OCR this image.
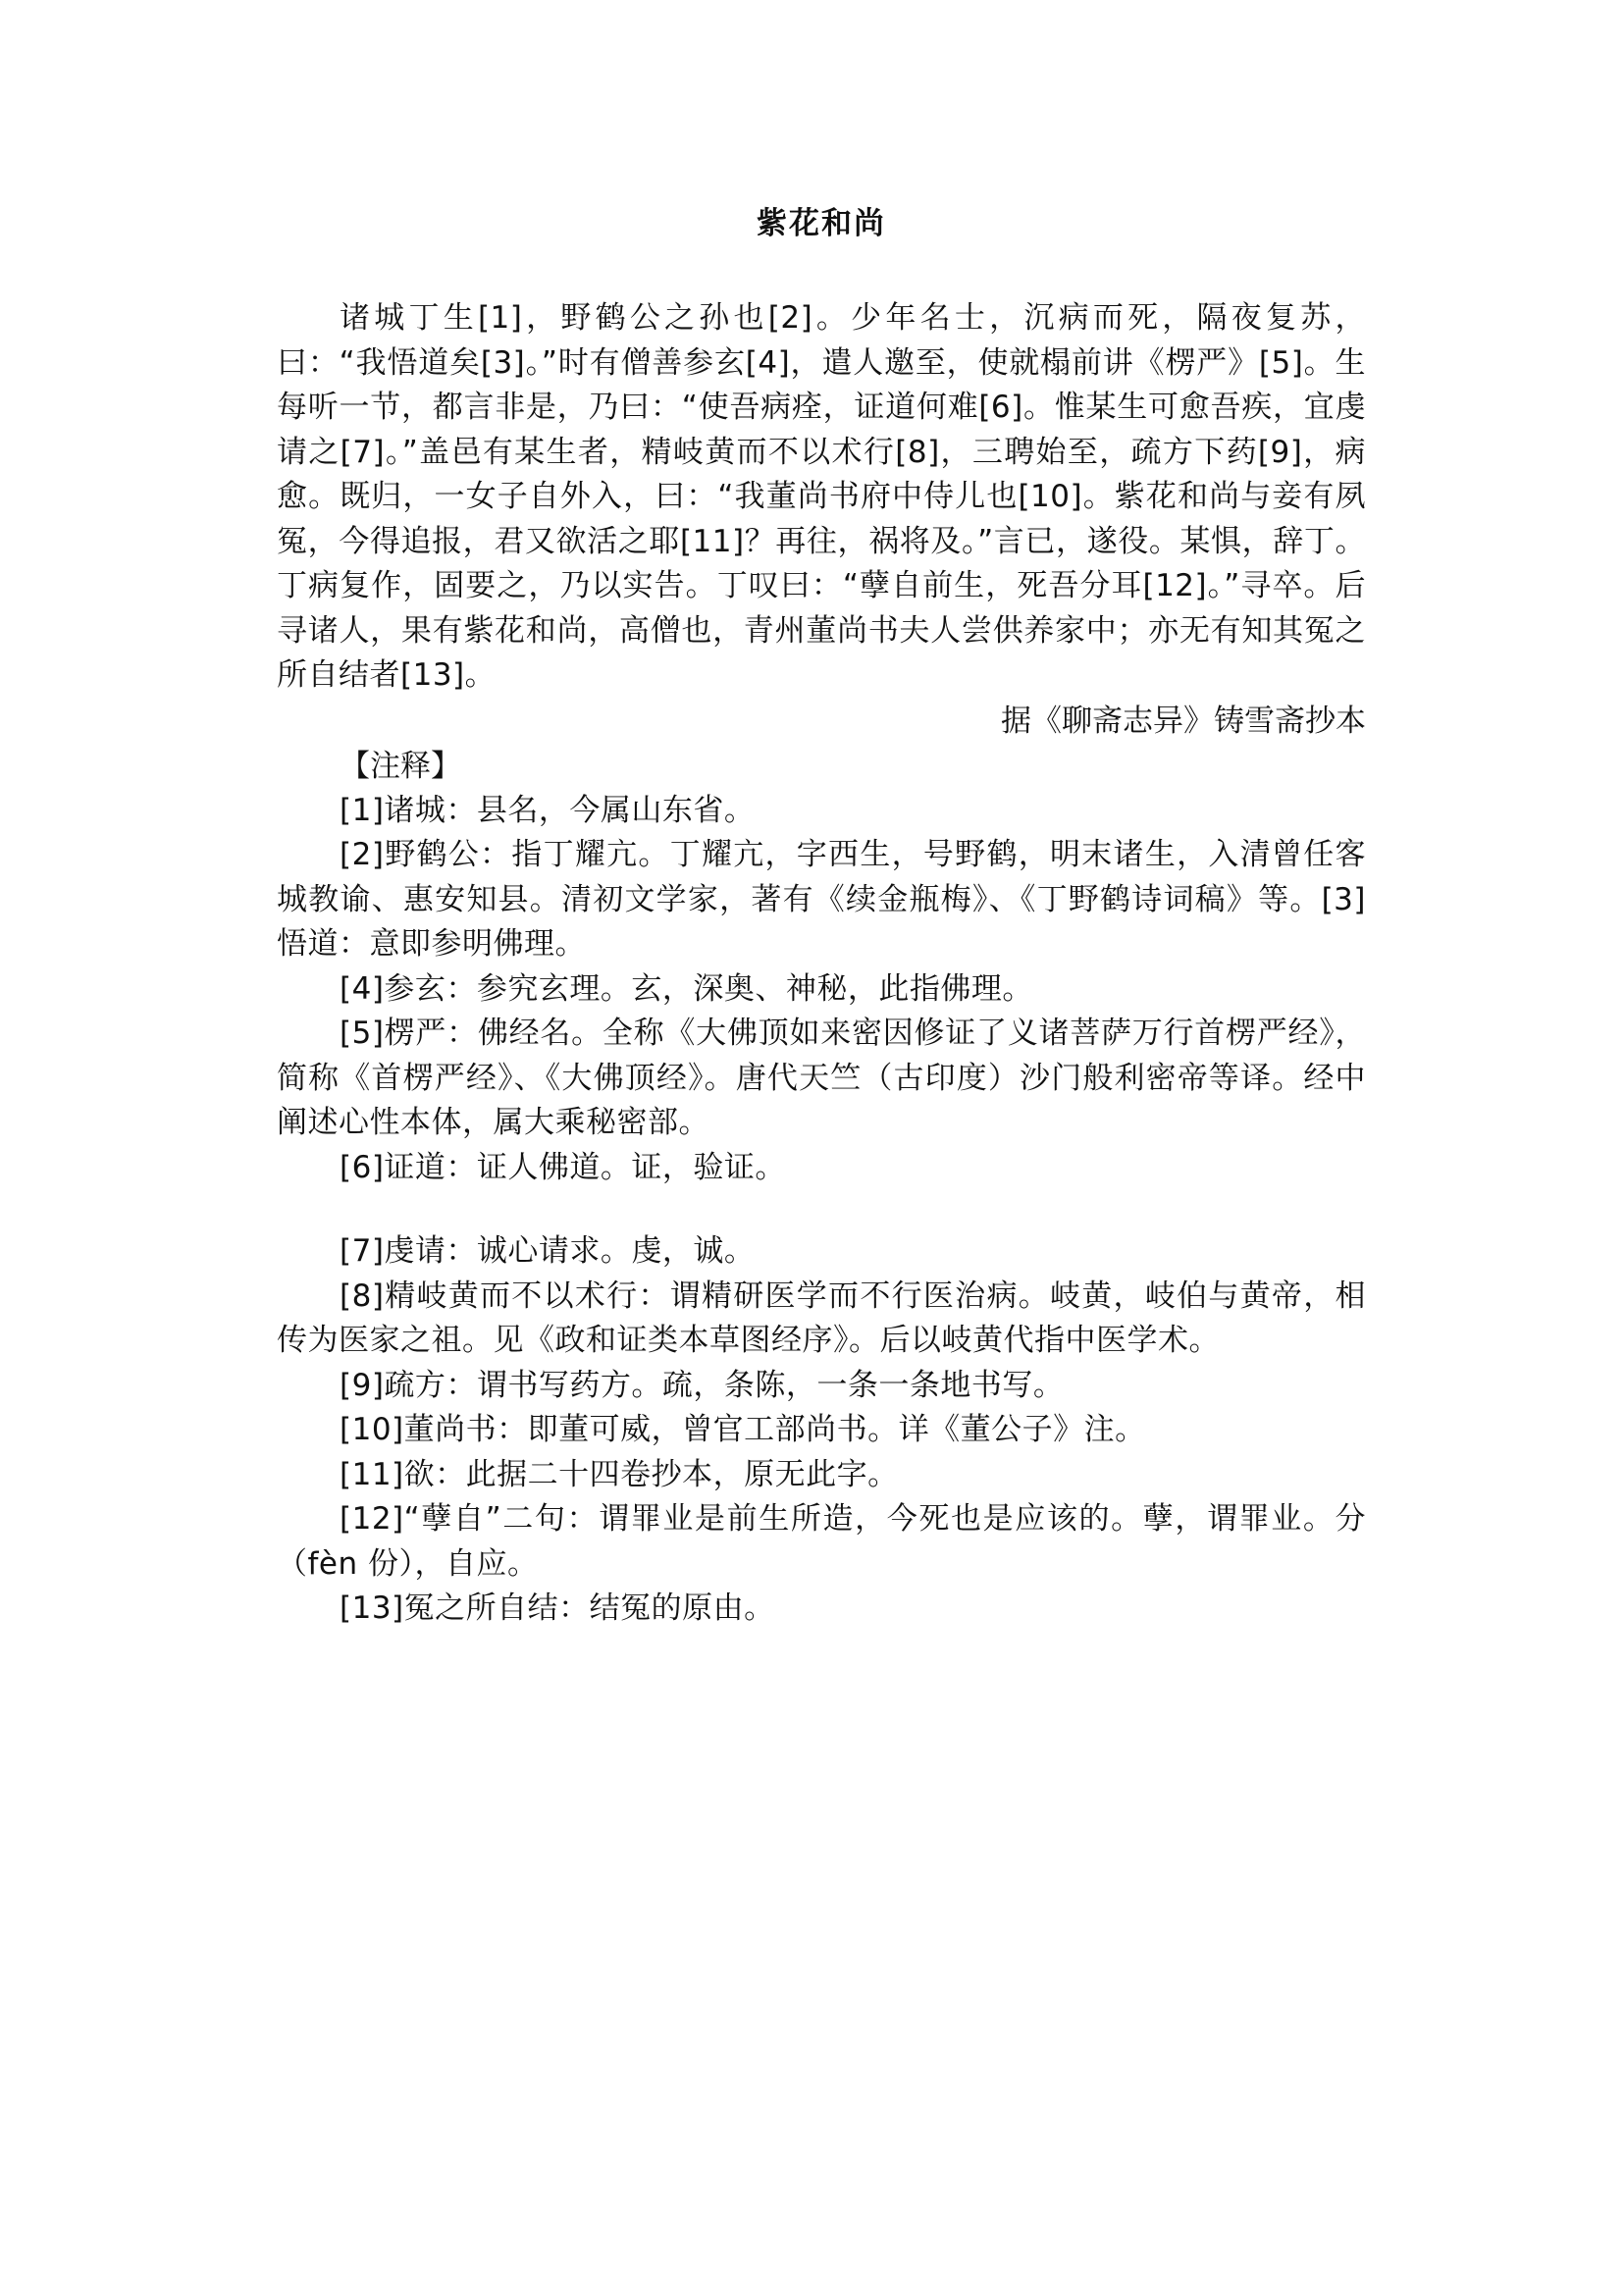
紫花和尚

诸城丁生[1]，野鹤公之孙也[2]。少年名士，沉病而死，隔夜复苏，曰：“我悟道矣[3]。”时有僧善参玄[4]，遣人邀至，使就榻前讲《楞严》[5]。生每听一节，都言非是，乃曰：“使吾病痊，证道何难[6]。惟某生可愈吾疾，宜虔请之[7]。”盖邑有某生者，精岐黄而不以术行[8]，三聘始至，疏方下药[9]，病愈。既归，一女子自外入，曰：“我董尚书府中侍儿也[10]。紫花和尚与妾有夙冤，今得追报，君又欲活之耶[11]？再往，祸将及。”言已，遂役。某惧，辞丁。丁病复作，固要之，乃以实告。丁叹曰：“孽自前生，死吾分耳[12]。”寻卒。后寻诸人，果有紫花和尚，高僧也，青州董尚书夫人尝供养家中；亦无有知其冤之所自结者[13]。

据《聊斋志异》铸雪斋抄本

【注释】

[1]诸城：县名，今属山东省。

[2]野鹤公：指丁耀亢。丁耀亢，字西生，号野鹤，明末诸生，入清曾任客城教谕、惠安知县。清初文学家，著有《续金瓶梅》、《丁野鹤诗词稿》等。[3]悟道：意即参明佛理。

[4]参玄：参究玄理。玄，深奥、神秘，此指佛理。

[5]楞严：佛经名。全称《大佛顶如来密因修证了义诸菩萨万行首楞严经》，简称《首楞严经》、《大佛顶经》。唐代天竺（古印度）沙门般利密帝等译。经中阐述心性本体，属大乘秘密部。

[6]证道：证人佛道。证，验证。

[7]虔请：诚心请求。虔，诚。

[8]精岐黄而不以术行：谓精研医学而不行医治病。岐黄，岐伯与黄帝，相传为医家之祖。见《政和证类本草图经序》。后以岐黄代指中医学术。

[9]疏方：谓书写药方。疏，条陈，一条一条地书写。

[10]董尚书：即董可威，曾官工部尚书。详《董公子》注。

[11]欲：此据二十四卷抄本，原无此字。

[12]“孽自”二句：谓罪业是前生所造，今死也是应该的。孽，谓罪业。分（fèn 份），自应。

[13]冤之所自结：结冤的原由。
